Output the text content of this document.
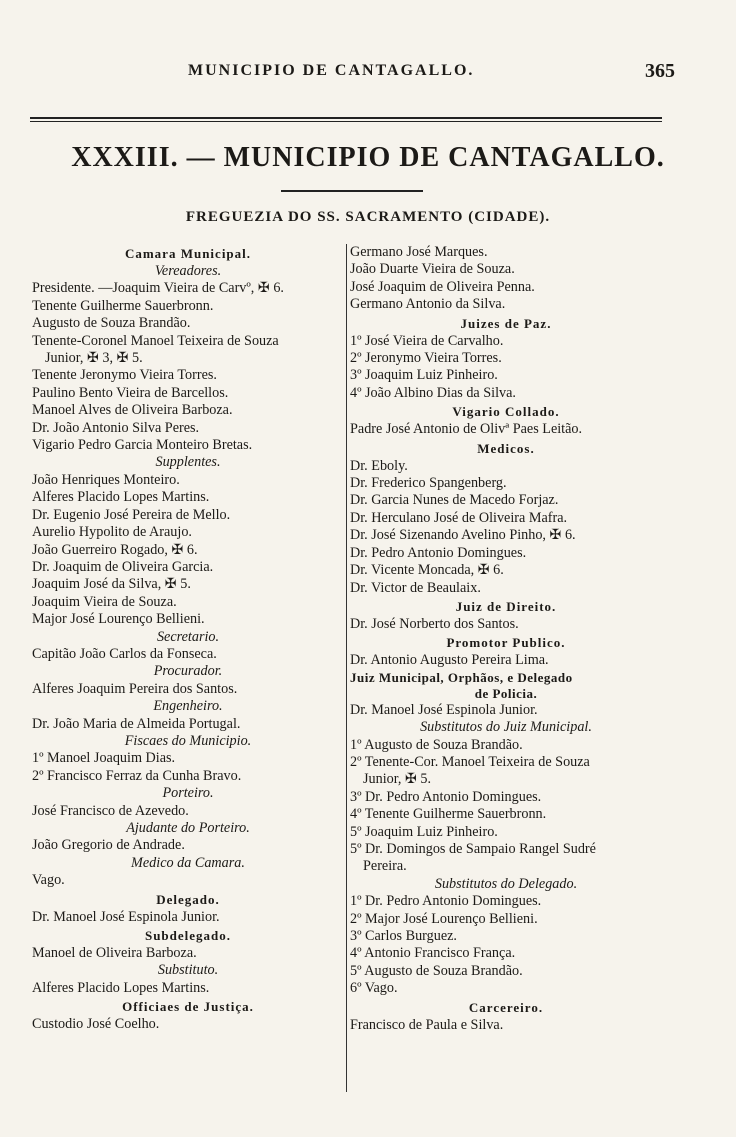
MUNICIPIO DE CANTAGALLO.	365
XXXIII. — MUNICIPIO DE CANTAGALLO.
FREGUEZIA DO SS. SACRAMENTO (CIDADE).
Camara Municipal.
Vereadores.
Presidente. —Joaquim Vieira de Carvº, ✠ 6.
Tenente Guilherme Sauerbronn.
Augusto de Souza Brandão.
Tenente-Coronel Manoel Teixeira de Souza
Junior, ✠ 3, ✠ 5.
Tenente Jeronymo Vieira Torres.
Paulino Bento Vieira de Barcellos.
Manoel Alves de Oliveira Barboza.
Dr. João Antonio Silva Peres.
Vigario Pedro Garcia Monteiro Bretas.
Supplentes.
João Henriques Monteiro.
Alferes Placido Lopes Martins.
Dr. Eugenio José Pereira de Mello.
Aurelio Hypolito de Araujo.
João Guerreiro Rogado, ✠ 6.
Dr. Joaquim de Oliveira Garcia.
Joaquim José da Silva, ✠ 5.
Joaquim Vieira de Souza.
Major José Lourenço Bellieni.
Secretario.
Capitão João Carlos da Fonseca.
Procurador.
Alferes Joaquim Pereira dos Santos.
Engenheiro.
Dr. João Maria de Almeida Portugal.
Fiscaes do Municipio.
1º Manoel Joaquim Dias.
2º Francisco Ferraz da Cunha Bravo.
Porteiro.
José Francisco de Azevedo.
Ajudante do Porteiro.
João Gregorio de Andrade.
Medico da Camara.
Vago.
Delegado.
Dr. Manoel José Espinola Junior.
Subdelegado.
Manoel de Oliveira Barboza.
Substituto.
Alferes Placido Lopes Martins.
Officiaes de Justiça.
Custodio José Coelho.
Germano José Marques.
João Duarte Vieira de Souza.
José Joaquim de Oliveira Penna.
Germano Antonio da Silva.
Juizes de Paz.
1º José Vieira de Carvalho.
2º Jeronymo Vieira Torres.
3º Joaquim Luiz Pinheiro.
4º João Albino Dias da Silva.
Vigario Collado.
Padre José Antonio de Olivª Paes Leitão.
Medicos.
Dr. Eboly.
Dr. Frederico Spangenberg.
Dr. Garcia Nunes de Macedo Forjaz.
Dr. Herculano José de Oliveira Mafra.
Dr. José Sizenando Avelino Pinho, ✠ 6.
Dr. Pedro Antonio Domingues.
Dr. Vicente Moncada, ✠ 6.
Dr. Victor de Beaulaix.
Juiz de Direito.
Dr. José Norberto dos Santos.
Promotor Publico.
Dr. Antonio Augusto Pereira Lima.
Juiz Municipal, Orphãos, e Delegado
de Policia.
Dr. Manoel José Espinola Junior.
Substitutos do Juiz Municipal.
1º Augusto de Souza Brandão.
2º Tenente-Cor. Manoel Teixeira de Souza
Junior, ✠ 5.
3º Dr. Pedro Antonio Domingues.
4º Tenente Guilherme Sauerbronn.
5º Joaquim Luiz Pinheiro.
5º Dr. Domingos de Sampaio Rangel Sudré
Pereira.
Substitutos do Delegado.
1º Dr. Pedro Antonio Domingues.
2º Major José Lourenço Bellieni.
3º Carlos Burguez.
4º Antonio Francisco França.
5º Augusto de Souza Brandão.
6º Vago.
Carcereiro.
Francisco de Paula e Silva.
